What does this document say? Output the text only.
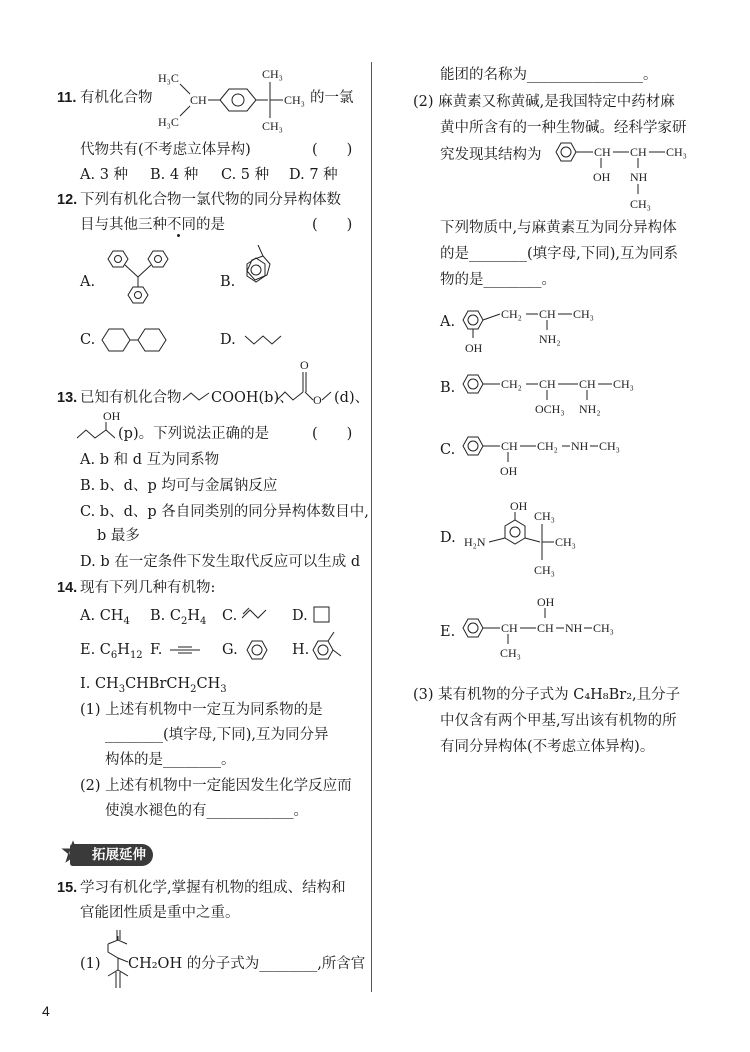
11. 有机化合物
H₃C
H₃C
CH
CH₃
CH₃
CH₃ 的一氯
代物共有(不考虑立体异构)	(　　)
A. 3 种 B. 4 种 C. 5 种 D. 7 种
12. 下列有机化合物一氯代物的同分异构体数
目与其他三种不同的是	(　　)
A.	B.
C.	D.
13. 已知有机化合物 COOH(b)、
O
O (d)、
OH
(p)。下列说法正确的是	(　　)
A. b 和 d 互为同系物
B. b、d、p 均可与金属钠反应
C. b、d、p 各自同类别的同分异构体数目中,
b 最多
D. b 在一定条件下发生取代反应可以生成 d
14. 现有下列几种有机物:
A. $CH_4$ B. $C_2H_4$ C.	D.
E. $C_6H_{12}$ F.	G.	H.
I. $CH_3CHBrCH_2CH_3$
(1) 上述有机物中一定互为同系物的是
________(填字母,下同),互为同分异
构体的是________。
(2) 上述有机物中一定能因发生化学反应而
使溴水褪色的有____________。
拓展延伸
15. 学习有机化学,掌握有机物的组成、结构和
官能团性质是重中之重。
(1) CH₂OH 的分子式为________,所含官
能团的名称为________________。
(2) 麻黄素又称黄碱,是我国特定中药材麻
黄中所含有的一种生物碱。经科学家研
究发现其结构为	CH CH CH₃
OH NH
CH₃
下列物质中,与麻黄素互为同分异构体
的是________(填字母,下同),互为同系
物的是________。
A.	CH₂ CH CH₃
OH
NH₂
B.	CH₂ CH CH CH₃
OCH₃ NH₂
C.	CH CH₂ NH CH₃
OH
D.
OH
H₂N
CH₃
CH₃
CH₃
E.
OH
CH CH NH CH₃
CH₃
(3) 某有机物的分子式为 C₄H₈Br₂,且分子
中仅含有两个甲基,写出该有机物的所
有同分异构体(不考虑立体异构)。
4
